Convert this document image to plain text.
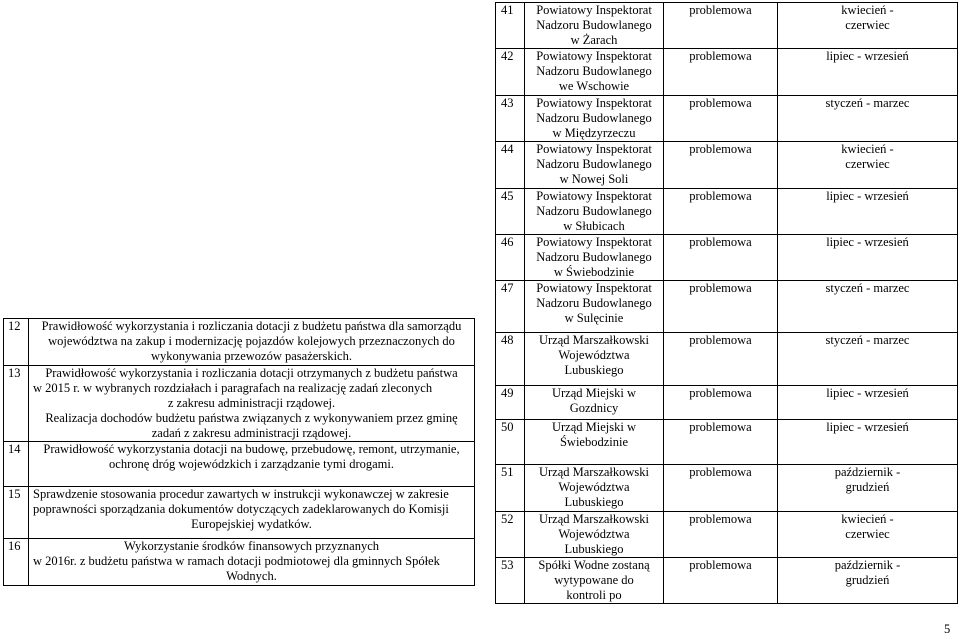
12	Prawidłowość wykorzystania i rozliczania dotacji z budżetu państwa dla samorządu
województwa na zakup i modernizację pojazdów kolejowych przeznaczonych do
wykonywania przewozów pasażerskich.

13	Prawidłowość wykorzystania i rozliczania dotacji otrzymanych z budżetu państwa
w 2015 r. w wybranych rozdziałach i paragrafach na realizację zadań zleconych
z zakresu administracji rządowej.
Realizacja dochodów budżetu państwa związanych z wykonywaniem przez gminę
zadań z zakresu administracji rządowej.

14	Prawidłowość wykorzystania dotacji na budowę, przebudowę, remont, utrzymanie,
ochronę dróg wojewódzkich i zarządzanie tymi drogami.

15	Sprawdzenie stosowania procedur zawartych w instrukcji wykonawczej w zakresie
poprawności sporządzania dokumentów dotyczących zadeklarowanych do Komisji
Europejskiej wydatków.

16	Wykorzystanie środków finansowych przyznanych
w 2016r. z budżetu państwa w ramach dotacji podmiotowej dla gminnych Spółek
Wodnych.
41	Powiatowy Inspektorat
Nadzoru Budowlanego
w Żarach	problemowa	kwiecień -
czerwiec

42	Powiatowy Inspektorat
Nadzoru Budowlanego
we Wschowie	problemowa	lipiec - wrzesień

43	Powiatowy Inspektorat
Nadzoru Budowlanego
w Międzyrzeczu	problemowa	styczeń - marzec

44	Powiatowy Inspektorat
Nadzoru Budowlanego
w Nowej Soli	problemowa	kwiecień -
czerwiec

45	Powiatowy Inspektorat
Nadzoru Budowlanego
w Słubicach	problemowa	lipiec - wrzesień

46	Powiatowy Inspektorat
Nadzoru Budowlanego
w Świebodzinie	problemowa	lipiec - wrzesień

47	Powiatowy Inspektorat
Nadzoru Budowlanego
w Sulęcinie	problemowa	styczeń - marzec

48	Urząd Marszałkowski
Województwa
Lubuskiego	problemowa	styczeń - marzec

49	Urząd Miejski w
Gozdnicy	problemowa	lipiec - wrzesień

50	Urząd Miejski w
Świebodzinie	problemowa	lipiec - wrzesień

51	Urząd Marszałkowski
Województwa
Lubuskiego	problemowa	październik -
grudzień

52	Urząd Marszałkowski
Województwa
Lubuskiego	problemowa	kwiecień -
czerwiec

53	Spółki Wodne zostaną
wytypowane do
kontroli po	problemowa	październik -
grudzień
5
